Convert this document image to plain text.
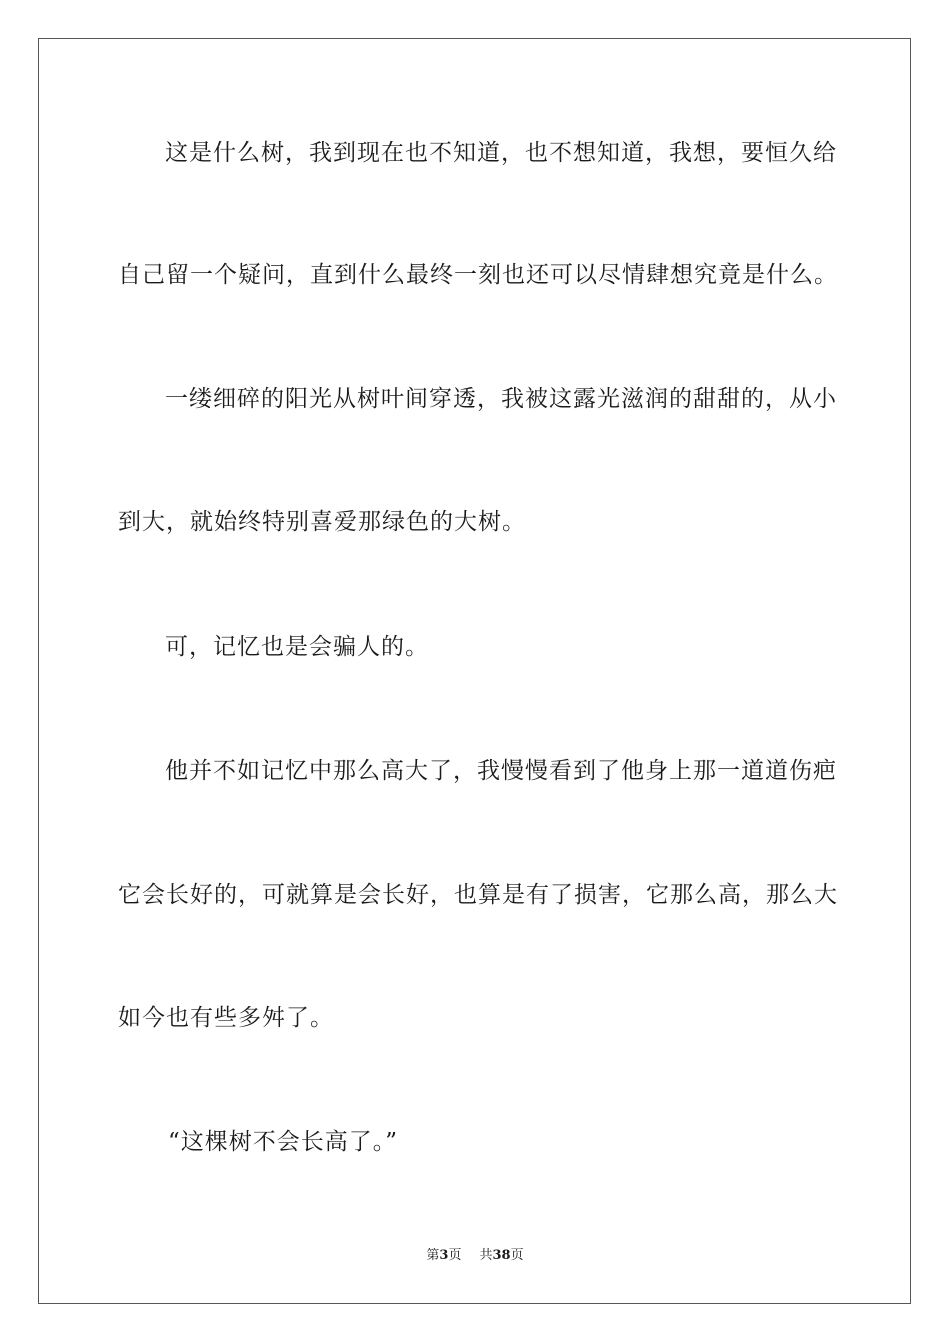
这是什么树，我到现在也不知道，也不想知道，我想，要恒久给
自己留一个疑问，直到什么最终一刻也还可以尽情肆想究竟是什么。
一缕细碎的阳光从树叶间穿透，我被这露光滋润的甜甜的，从小
到大，就始终特别喜爱那绿色的大树。
可，记忆也是会骗人的。
他并不如记忆中那么高大了，我慢慢看到了他身上那一道道伤疤
它会长好的，可就算是会长好，也算是有了损害，它那么高，那么大
如今也有些多舛了。
“这棵树不会长高了。”
第3页 共38页
